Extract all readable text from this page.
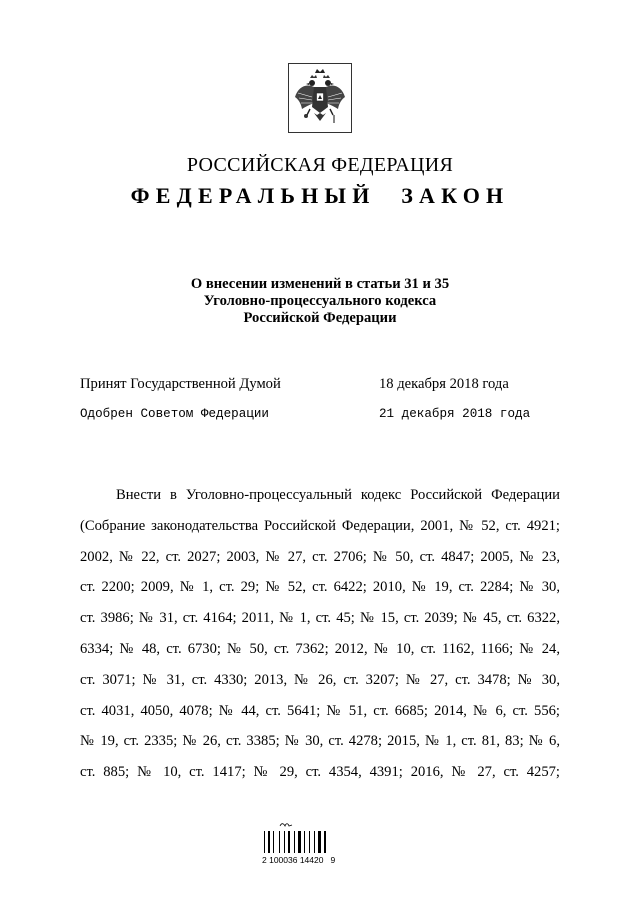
РОССИЙСКАЯ ФЕДЕРАЦИЯ
ФЕДЕРАЛЬНЫЙ ЗАКОН
О внесении изменений в статьи 31 и 35
Уголовно-процессуального кодекса
Российской Федерации
Принят Государственной Думой	18 декабря 2018 года
Одобрен Советом Федерации	21 декабря 2018 года
Внести в Уголовно-процессуальный кодекс Российской Федерации
(Собрание законодательства Российской Федерации, 2001, № 52, ст. 4921;
2002, № 22, ст. 2027; 2003, № 27, ст. 2706; № 50, ст. 4847; 2005, № 23,
ст. 2200; 2009, № 1, ст. 29; № 52, ст. 6422; 2010, № 19, ст. 2284; № 30,
ст. 3986; № 31, ст. 4164; 2011, № 1, ст. 45; № 15, ст. 2039; № 45, ст. 6322,
6334; № 48, ст. 6730; № 50, ст. 7362; 2012, № 10, ст. 1162, 1166; № 24,
ст. 3071; № 31, ст. 4330; 2013, № 26, ст. 3207; № 27, ст. 3478; № 30,
ст. 4031, 4050, 4078; № 44, ст. 5641; № 51, ст. 6685; 2014, № 6, ст. 556;
№ 19, ст. 2335; № 26, ст. 3385; № 30, ст. 4278; 2015, № 1, ст. 81, 83; № 6,
ст. 885; № 10, ст. 1417; № 29, ст. 4354, 4391; 2016, № 27, ст. 4257;
2 100036 14420   9
